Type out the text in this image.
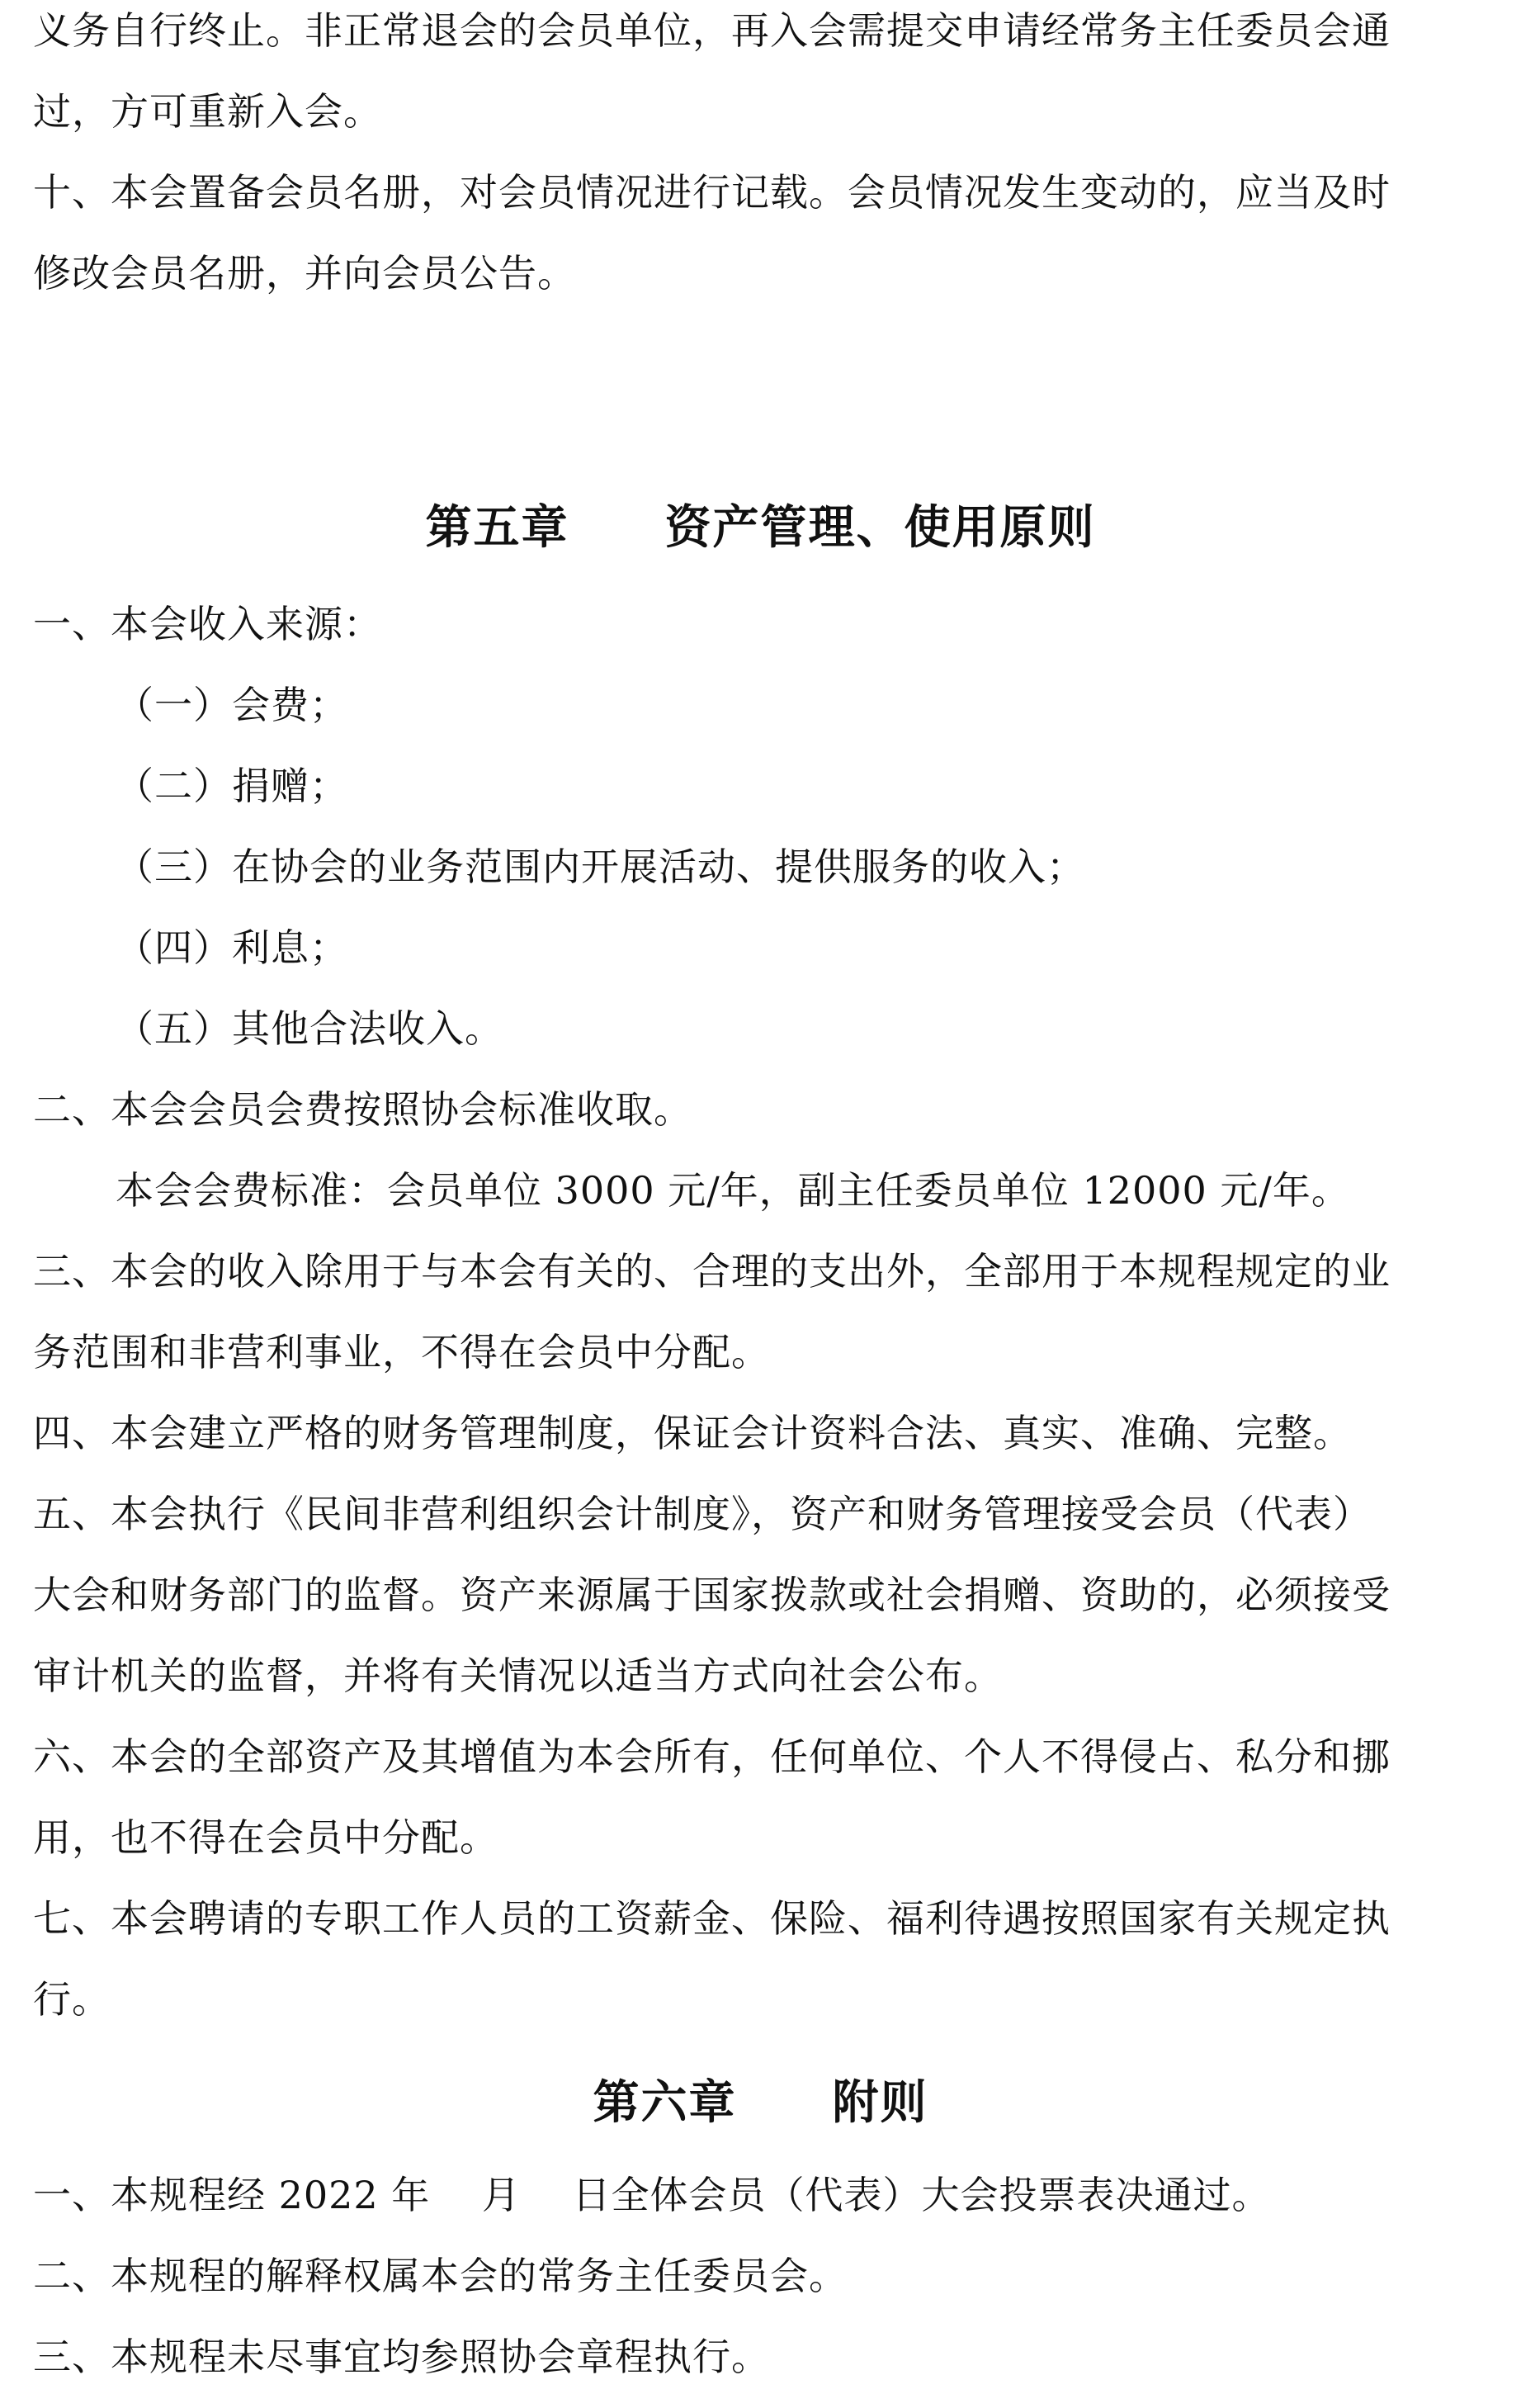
义务自行终止。非正常退会的会员单位，再入会需提交申请经常务主任委员会通
过，方可重新入会。
十、本会置备会员名册，对会员情况进行记载。会员情况发生变动的，应当及时
修改会员名册，并向会员公告。
第五章　　资产管理、使用原则
一、本会收入来源：
（一）会费；
（二）捐赠；
（三）在协会的业务范围内开展活动、提供服务的收入；
（四）利息；
（五）其他合法收入。
二、本会会员会费按照协会标准收取。
本会会费标准：会员单位 3000 元/年，副主任委员单位 12000 元/年。
三、本会的收入除用于与本会有关的、合理的支出外，全部用于本规程规定的业
务范围和非营利事业，不得在会员中分配。
四、本会建立严格的财务管理制度，保证会计资料合法、真实、准确、完整。
五、本会执行《民间非营利组织会计制度》，资产和财务管理接受会员（代表）
大会和财务部门的监督。资产来源属于国家拨款或社会捐赠、资助的，必须接受
审计机关的监督，并将有关情况以适当方式向社会公布。
六、本会的全部资产及其增值为本会所有，任何单位、个人不得侵占、私分和挪
用，也不得在会员中分配。
七、本会聘请的专职工作人员的工资薪金、保险、福利待遇按照国家有关规定执
行。
第六章　　附则
一、本规程经 2022 年　 月　 日全体会员（代表）大会投票表决通过。
二、本规程的解释权属本会的常务主任委员会。
三、本规程未尽事宜均参照协会章程执行。
